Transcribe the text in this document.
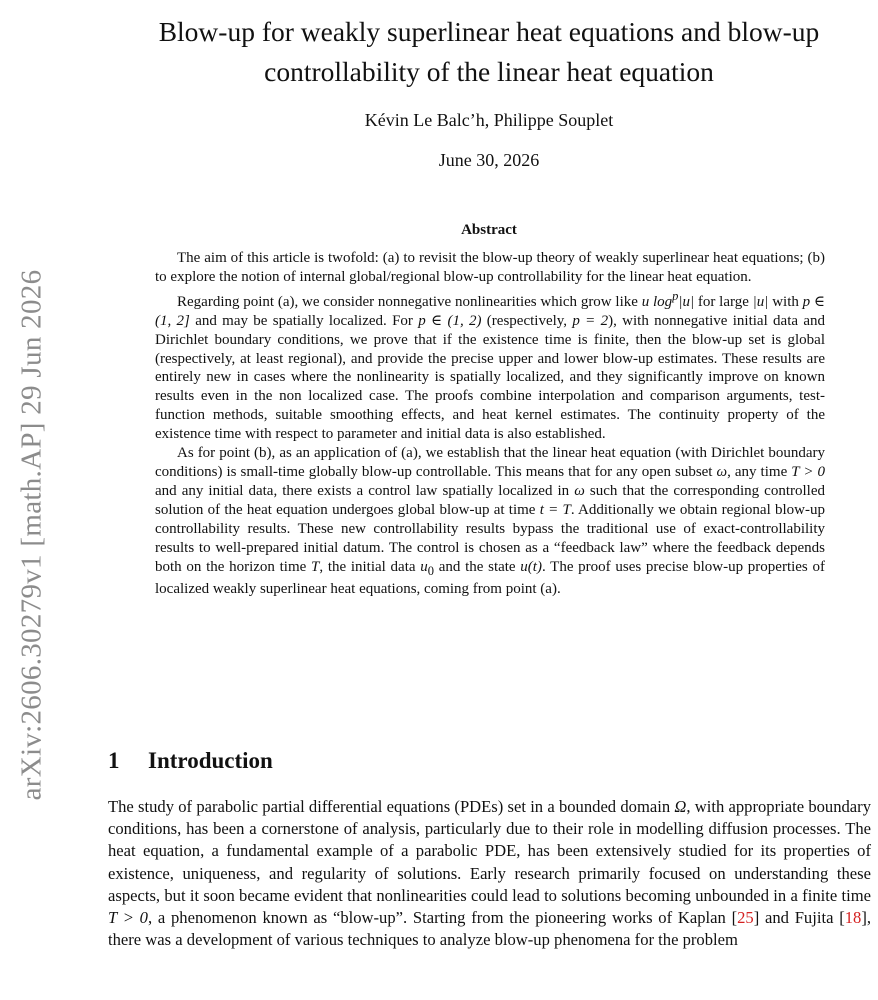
arXiv:2606.30279v1 [math.AP] 29 Jun 2026
Blow-up for weakly superlinear heat equations and blow-up
controllability of the linear heat equation
Kévin Le Balc’h, Philippe Souplet
June 30, 2026
Abstract

The aim of this article is twofold: (a) to revisit the blow-up theory of weakly superlinear heat equations; (b) to explore the notion of internal global/regional blow-up controllability for the linear heat equation.

Regarding point (a), we consider nonnegative nonlinearities which grow like u $\log^p|u|$ for large |u| with p ∈ (1, 2] and may be spatially localized. For p ∈ (1, 2) (respectively, p = 2), with nonnegative initial data and Dirichlet boundary conditions, we prove that if the existence time is finite, then the blow-up set is global (respectively, at least regional), and provide the precise upper and lower blow-up estimates. These results are entirely new in cases where the nonlinearity is spatially localized, and they significantly improve on known results even in the non localized case. The proofs combine interpolation and comparison arguments, test-function methods, suitable smoothing effects, and heat kernel estimates. The continuity property of the existence time with respect to parameter and initial data is also established.

As for point (b), as an application of (a), we establish that the linear heat equation (with Dirichlet boundary conditions) is small-time globally blow-up controllable. This means that for any open subset ω, any time T > 0 and any initial data, there exists a control law spatially localized in ω such that the corresponding controlled solution of the heat equation undergoes global blow-up at time t = T. Additionally we obtain regional blow-up controllability results. These new controllability results bypass the traditional use of exact-controllability results to well-prepared initial datum. The control is chosen as a “feedback law” where the feedback depends both on the horizon time T, the initial data $u_0$ and the state u(t). The proof uses precise blow-up properties of localized weakly superlinear heat equations, coming from point (a).

1 Introduction

The study of parabolic partial differential equations (PDEs) set in a bounded domain Ω, with appropriate boundary conditions, has been a cornerstone of analysis, particularly due to their role in modelling diffusion processes. The heat equation, a fundamental example of a parabolic PDE, has been extensively studied for its properties of existence, uniqueness, and regularity of solutions. Early research primarily focused on understanding these aspects, but it soon became evident that nonlinearities could lead to solutions becoming unbounded in a finite time T > 0, a phenomenon known as “blow-up”. Starting from the pioneering works of Kaplan [25] and Fujita [18], there was a development of various techniques to analyze blow-up phenomena for the problem
